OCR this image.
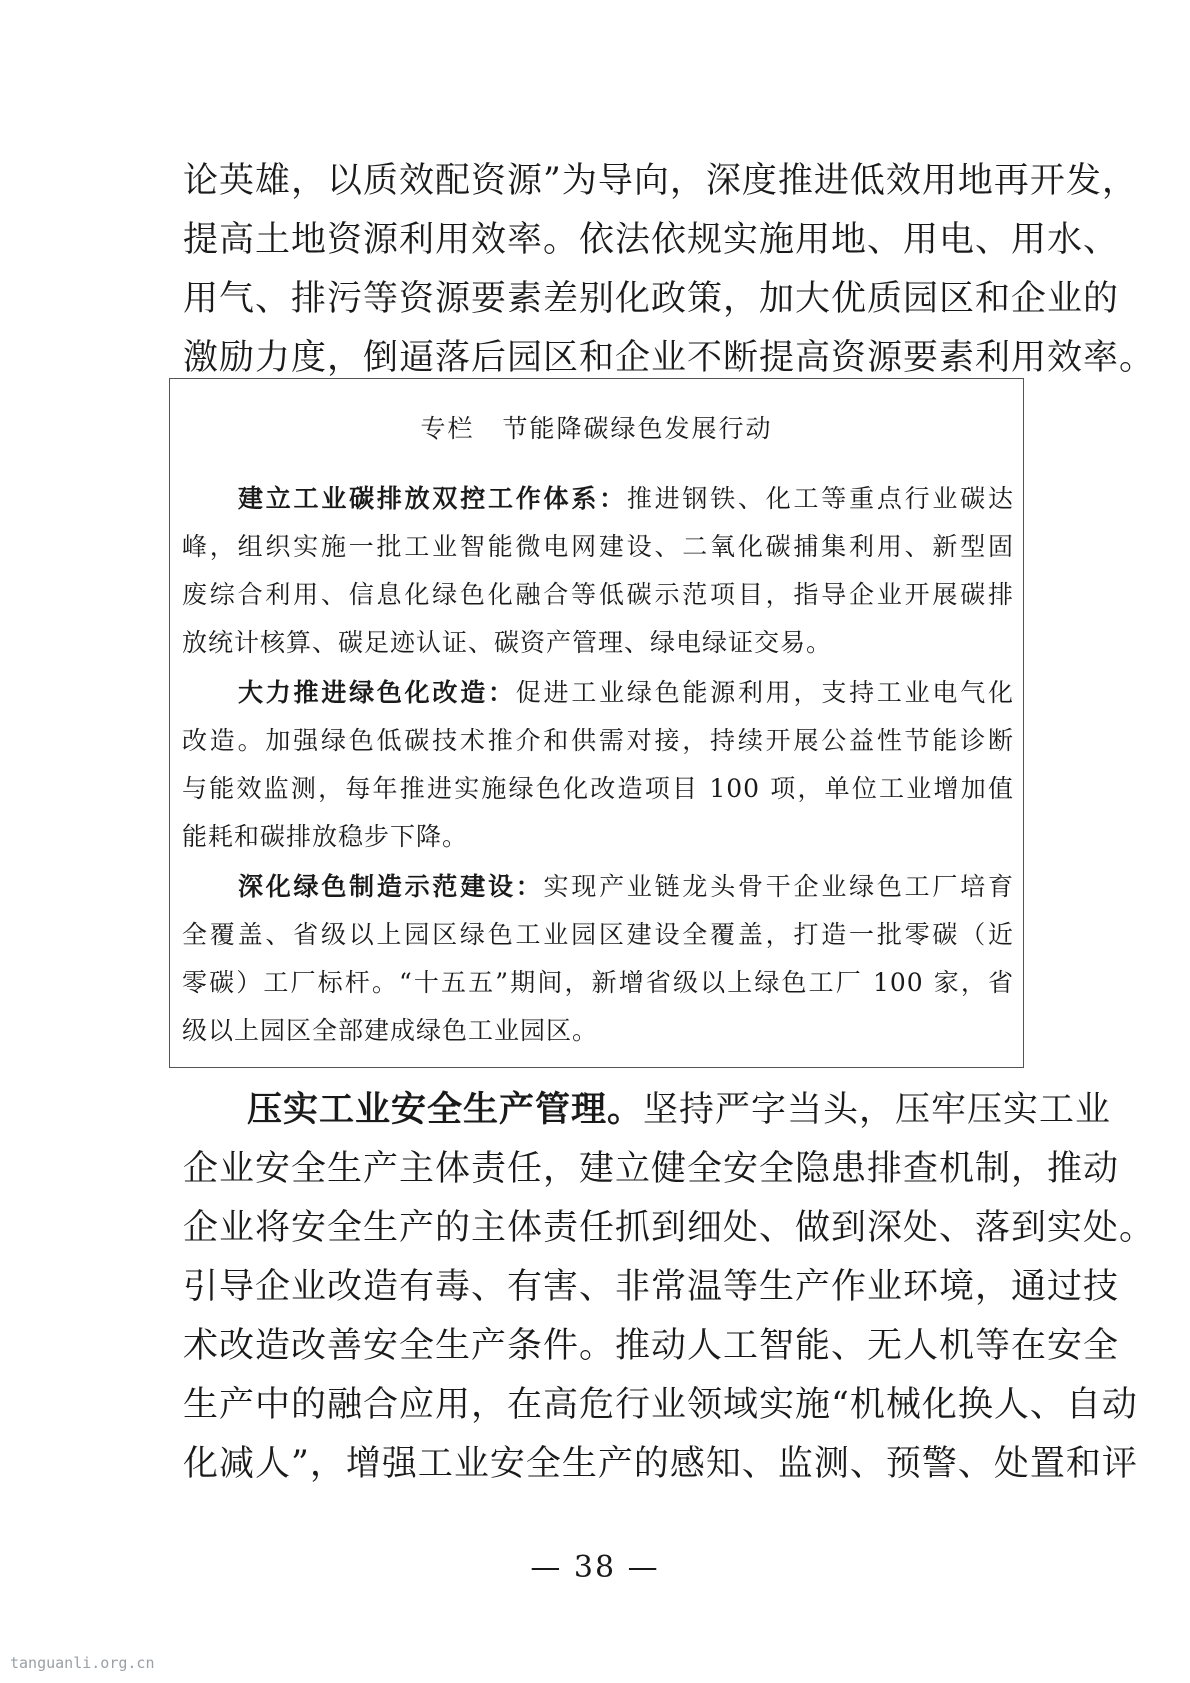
论英雄，以质效配资源”为导向，深度推进低效用地再开发，
提高土地资源利用效率。依法依规实施用地、用电、用水、
用气、排污等资源要素差别化政策，加大优质园区和企业的
激励力度，倒逼落后园区和企业不断提高资源要素利用效率。
专栏 节能降碳绿色发展行动
建立工业碳排放双控工作体系：推进钢铁、化工等重点行业碳达
峰，组织实施一批工业智能微电网建设、二氧化碳捕集利用、新型固
废综合利用、信息化绿色化融合等低碳示范项目，指导企业开展碳排
放统计核算、碳足迹认证、碳资产管理、绿电绿证交易。
大力推进绿色化改造：促进工业绿色能源利用，支持工业电气化
改造。加强绿色低碳技术推介和供需对接，持续开展公益性节能诊断
与能效监测，每年推进实施绿色化改造项目 100 项，单位工业增加值
能耗和碳排放稳步下降。
深化绿色制造示范建设：实现产业链龙头骨干企业绿色工厂培育
全覆盖、省级以上园区绿色工业园区建设全覆盖，打造一批零碳（近
零碳）工厂标杆。“十五五”期间，新增省级以上绿色工厂 100 家，省
级以上园区全部建成绿色工业园区。
压实工业安全生产管理。坚持严字当头，压牢压实工业
企业安全生产主体责任，建立健全安全隐患排查机制，推动
企业将安全生产的主体责任抓到细处、做到深处、落到实处。
引导企业改造有毒、有害、非常温等生产作业环境，通过技
术改造改善安全生产条件。推动人工智能、无人机等在安全
生产中的融合应用，在高危行业领域实施“机械化换人、自动
化减人”，增强工业安全生产的感知、监测、预警、处置和评
— 38 —
tanguanli.org.cn
